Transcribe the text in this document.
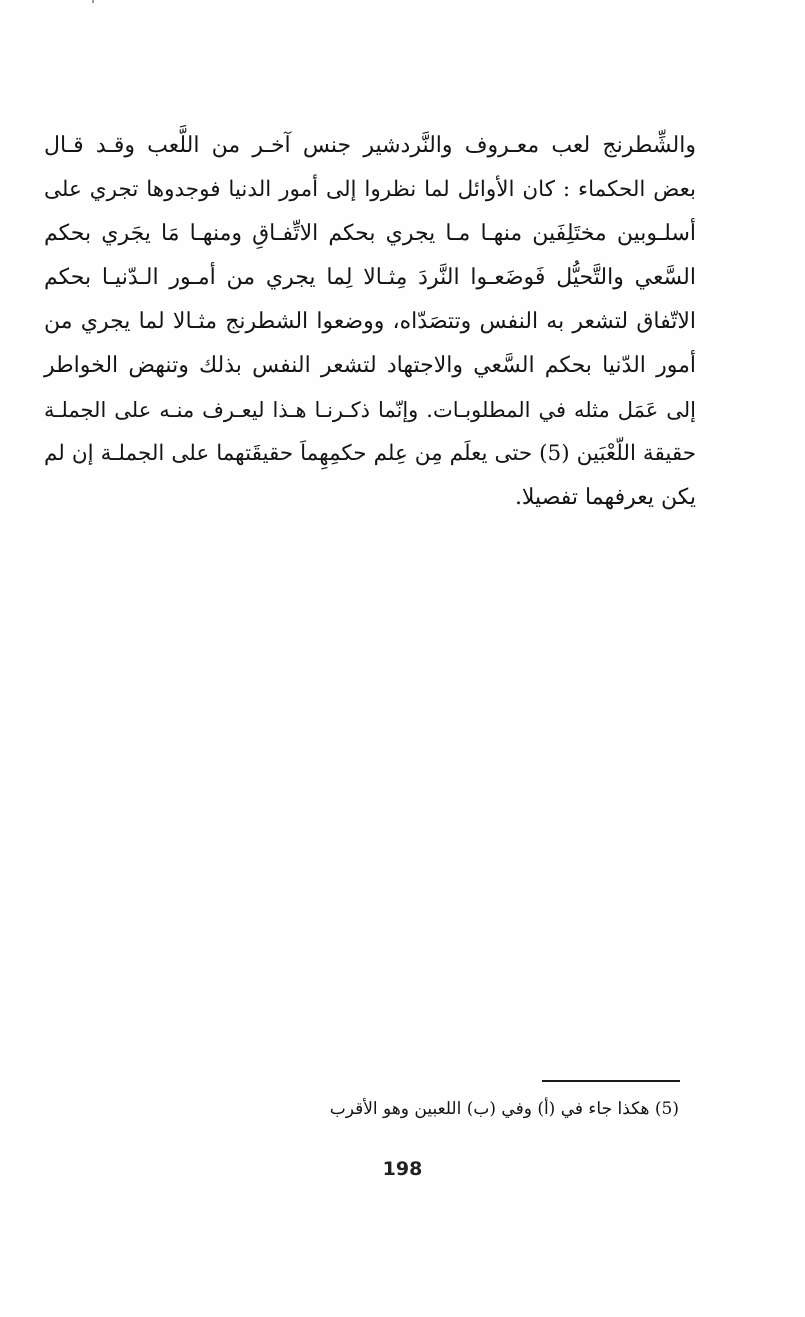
والشِّطرنج لعب معـروف والنَّردشير جنس آخـر من اللَّعب وقـد قـال
بعض الحكماء : كان الأوائل لما نظروا إلى أمور الدنيا فوجدوها تجري على
أسلـوبين مختَلِفَين منهـا مـا يجري بحكم الاتِّفـاقِ ومنهـا مَا يجَري بحكم
السَّعي والتَّحيُّل فَوضَعـوا النَّردَ مِثـالا لِما يجري من أمـور الـدّنيـا بحكم
الاتّفاق لتشعر به النفس وتتصَدّاه، ووضعوا الشطرنج مثـالا لما يجري من
أمور الدّنيا بحكم السَّعي والاجتهاد لتشعر النفس بذلك وتنهض الخواطر
إلى عَمَل مثله في المطلوبـات. وإنّما ذكـرنـا هـذا ليعـرف منـه على الجملـة
حقيقة اللّعْبَين (5) حتى يعلَم مِن عِلم حكمِهِماَ حقيقَتهما على الجملـة إن لم
يكن يعرفهما تفصيلا.
(5) هكذا جاء في (أ) وفي (ب) اللعبين وهو الأقرب
198
